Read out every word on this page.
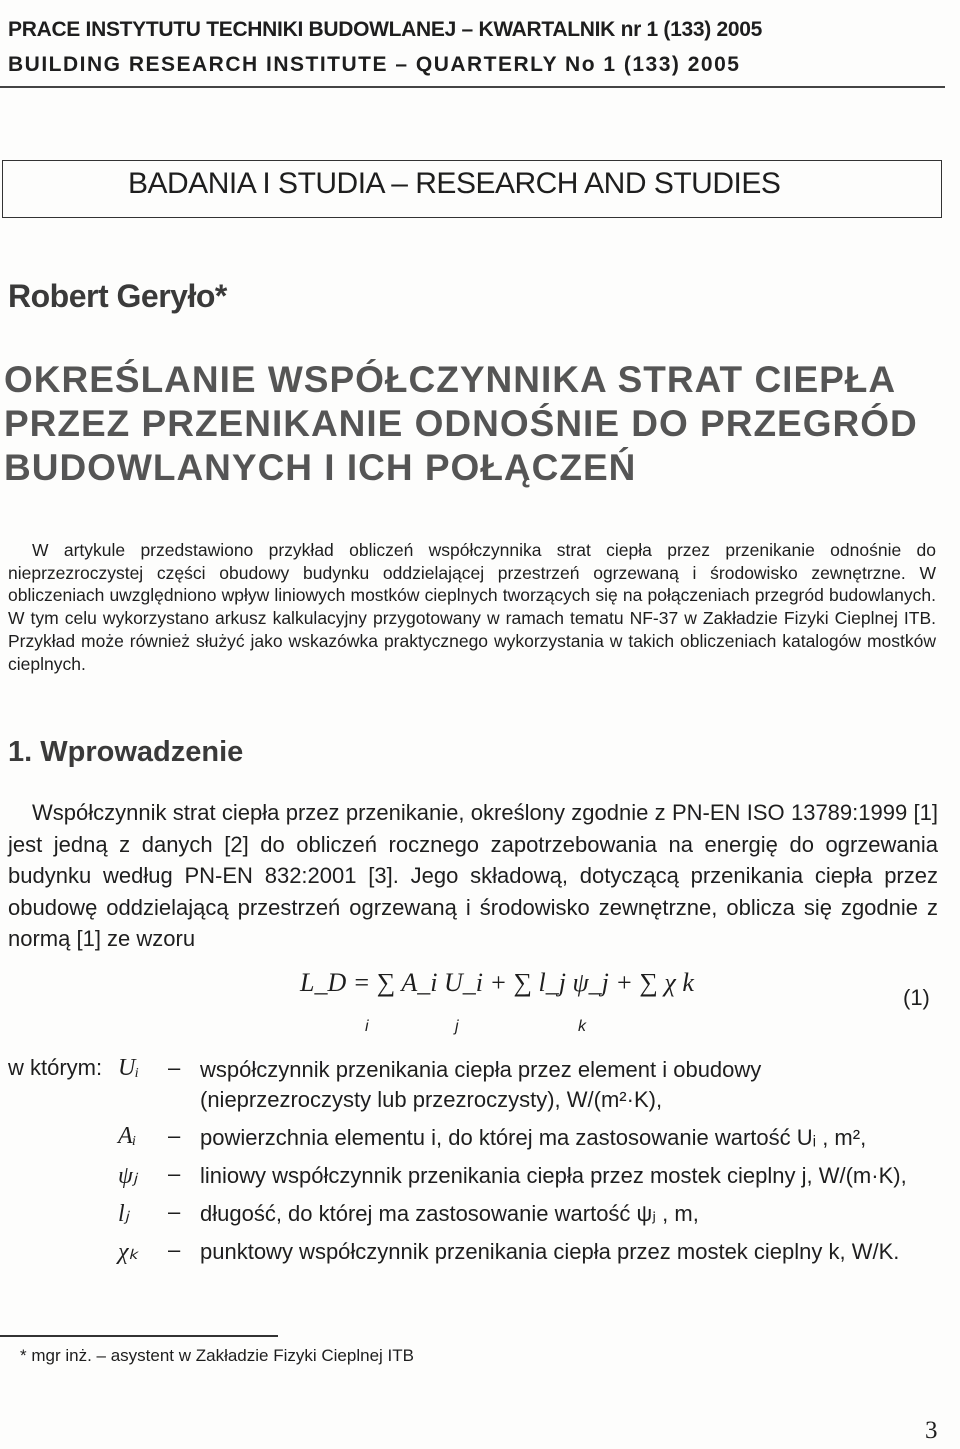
PRACE INSTYTUTU TECHNIKI BUDOWLANEJ – KWARTALNIK nr 1 (133) 2005
BUILDING RESEARCH INSTITUTE – QUARTERLY No 1 (133) 2005
BADANIA I STUDIA – RESEARCH AND STUDIES
Robert Geryło*
OKREŚLANIE WSPÓŁCZYNNIKA STRAT CIEPŁA
PRZEZ PRZENIKANIE ODNOŚNIE DO PRZEGRÓD
BUDOWLANYCH I ICH POŁĄCZEŃ

W artykule przedstawiono przykład obliczeń współczynnika strat ciepła przez przenikanie odnośnie do nieprzezroczystej części obudowy budynku oddzielającej przestrzeń ogrzewaną i środowisko zewnętrzne. W obliczeniach uwzględniono wpływ liniowych mostków cieplnych tworzących się na połączeniach przegród budowlanych. W tym celu wykorzystano arkusz kalkulacyjny przygotowany w ramach tematu NF-37 w Zakładzie Fizyki Cieplnej ITB. Przykład może również służyć jako wskazówka praktycznego wykorzystania w takich obliczeniach katalogów mostków cieplnych.

1. Wprowadzenie

Współczynnik strat ciepła przez przenikanie, określony zgodnie z PN-EN ISO 13789:1999 [1] jest jedną z danych [2] do obliczeń rocznego zapotrzebowania na energię do ogrzewania budynku według PN-EN 832:2001 [3]. Jego składową, dotyczącą przenikania ciepła przez obudowę oddzielającą przestrzeń ogrzewaną i środowisko zewnętrzne, oblicza się zgodnie z normą [1] ze wzoru

L_D = ∑ A_i U_i + ∑ l_j ψ_j + ∑ χ k
i	j	k
(1)
w którym: Uᵢ	– współczynnik przenikania ciepła przez element i obudowy (nieprzezroczysty lub przezroczysty), W/(m²·K),
Aᵢ	– powierzchnia elementu i, do której ma zastosowanie wartość Uᵢ , m²,
ψⱼ	– liniowy współczynnik przenikania ciepła przez mostek cieplny j, W/(m·K),
lⱼ	– długość, do której ma zastosowanie wartość ψⱼ , m,
χₖ	– punktowy współczynnik przenikania ciepła przez mostek cieplny k, W/K.
* mgr inż. – asystent w Zakładzie Fizyki Cieplnej ITB
3
